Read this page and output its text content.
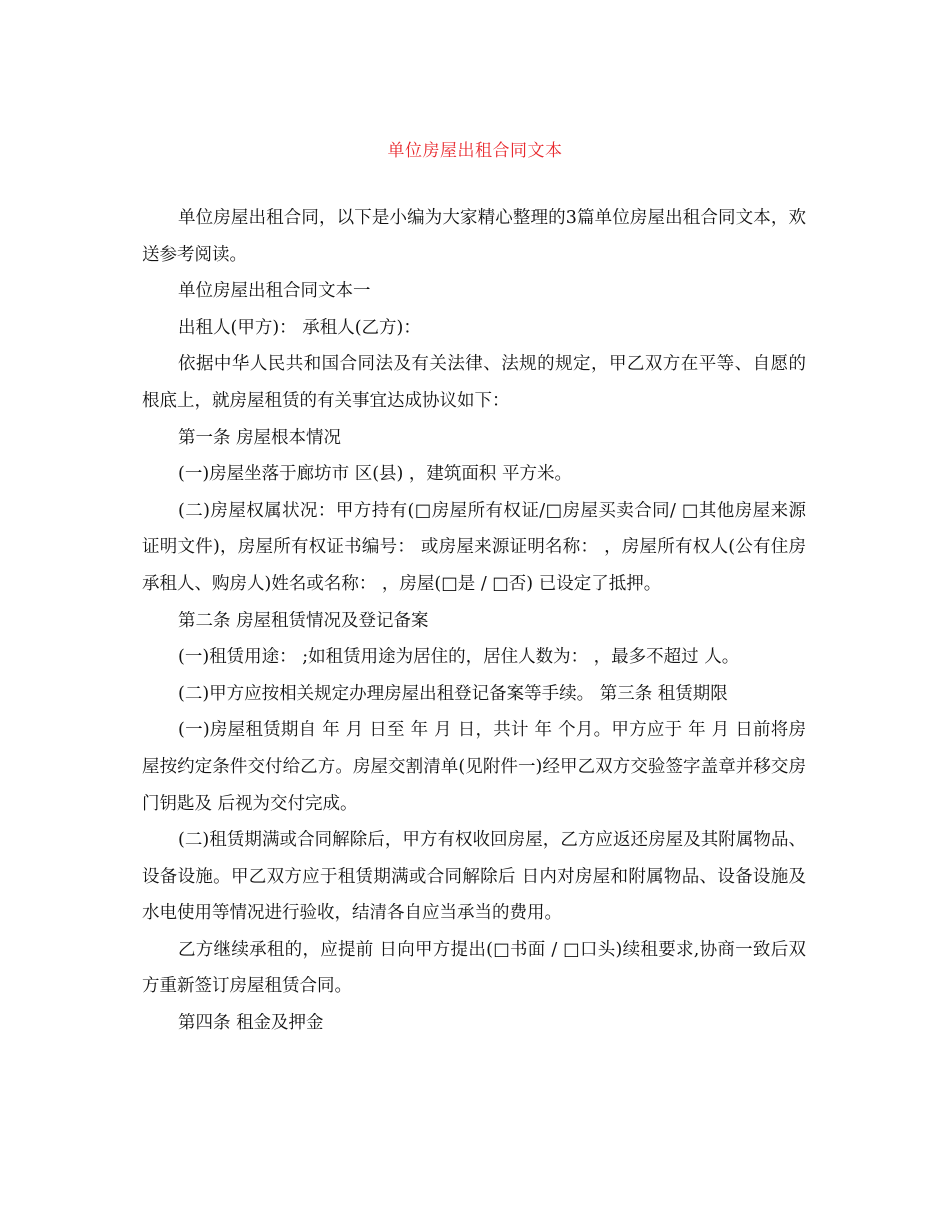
单位房屋出租合同文本

单位房屋出租合同，以下是小编为大家精心整理的3篇单位房屋出租合同文本，欢送参考阅读。

单位房屋出租合同文本一

出租人(甲方)： 承租人(乙方)：

依据中华人民共和国合同法及有关法律、法规的规定，甲乙双方在平等、自愿的根底上，就房屋租赁的有关事宜达成协议如下：

第一条 房屋根本情况

(一)房屋坐落于廊坊市 区(县) ，建筑面积 平方米。

(二)房屋权属状况：甲方持有(□房屋所有权证/□房屋买卖合同/ □其他房屋来源证明文件)，房屋所有权证书编号： 或房屋来源证明名称： ，房屋所有权人(公有住房承租人、购房人)姓名或名称： ，房屋(□是 / □否) 已设定了抵押。

第二条 房屋租赁情况及登记备案

(一)租赁用途： ;如租赁用途为居住的，居住人数为： ，最多不超过 人。

(二)甲方应按相关规定办理房屋出租登记备案等手续。 第三条 租赁期限

(一)房屋租赁期自 年 月 日至 年 月 日，共计 年 个月。甲方应于 年 月 日前将房屋按约定条件交付给乙方。房屋交割清单(见附件一)经甲乙双方交验签字盖章并移交房门钥匙及 后视为交付完成。

(二)租赁期满或合同解除后，甲方有权收回房屋，乙方应返还房屋及其附属物品、设备设施。甲乙双方应于租赁期满或合同解除后 日内对房屋和附属物品、设备设施及水电使用等情况进行验收，结清各自应当承当的费用。

乙方继续承租的，应提前 日向甲方提出(□书面 / □口头)续租要求,协商一致后双方重新签订房屋租赁合同。

第四条 租金及押金
